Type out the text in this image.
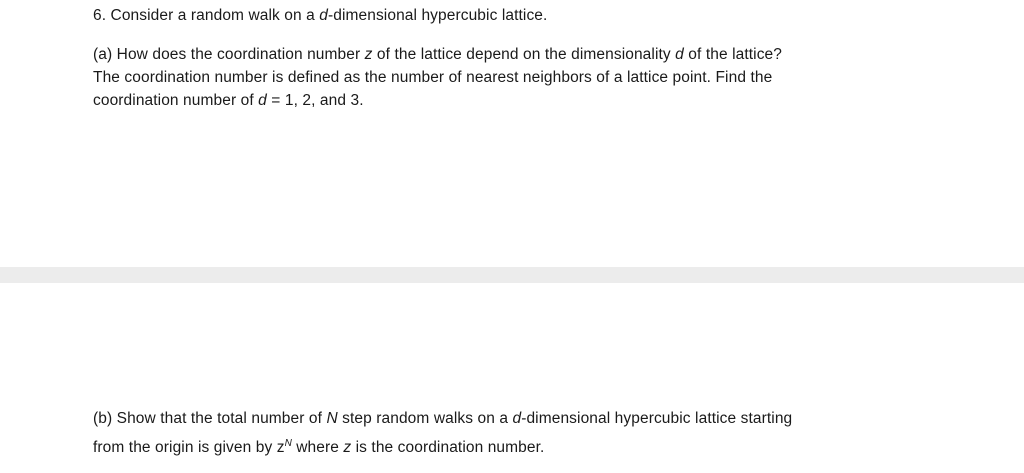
6. Consider a random walk on a d-dimensional hypercubic lattice.
(a) How does the coordination number z of the lattice depend on the dimensionality d of the lattice?
The coordination number is defined as the number of nearest neighbors of a lattice point. Find the
coordination number of d = 1, 2, and 3.
(b) Show that the total number of N step random walks on a d-dimensional hypercubic lattice starting
from the origin is given by $z^N$ where z is the coordination number.
